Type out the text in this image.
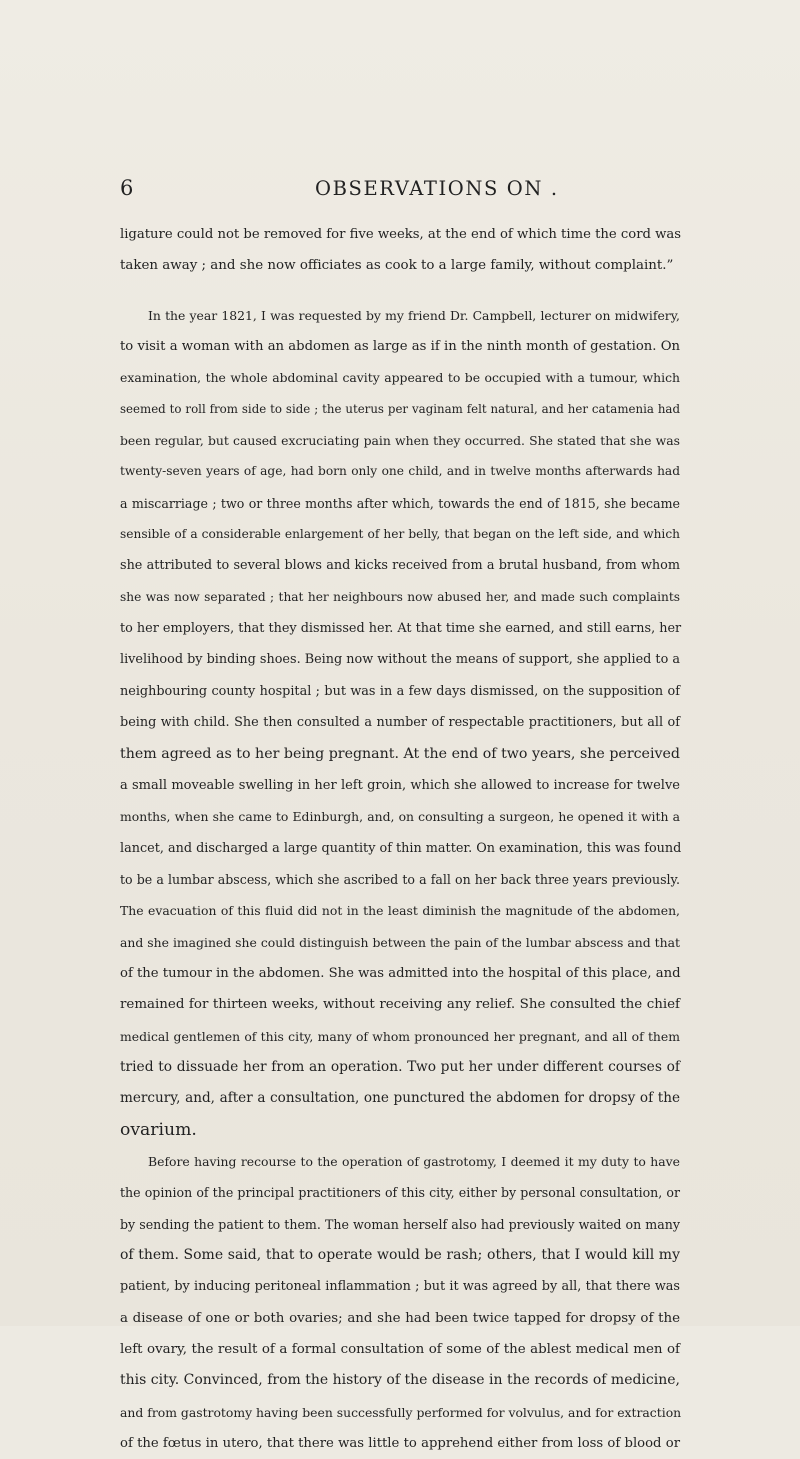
6	OBSERVATIONS ON .
ligature could not be removed for five weeks, at the end of which time the cord was
taken away ; and she now officiates as cook to a large family, without complaint.”
In the year 1821, I was requested by my friend Dr. Campbell, lecturer on midwifery,
to visit a woman with an abdomen as large as if in the ninth month of gestation. On
examination, the whole abdominal cavity appeared to be occupied with a tumour, which
seemed to roll from side to side ; the uterus per vaginam felt natural, and her catamenia had
been regular, but caused excruciating pain when they occurred. She stated that she was
twenty-seven years of age, had born only one child, and in twelve months afterwards had
a miscarriage ; two or three months after which, towards the end of 1815, she became
sensible of a considerable enlargement of her belly, that began on the left side, and which
she attributed to several blows and kicks received from a brutal husband, from whom
she was now separated ; that her neighbours now abused her, and made such complaints
to her employers, that they dismissed her. At that time she earned, and still earns, her
livelihood by binding shoes. Being now without the means of support, she applied to a
neighbouring county hospital ; but was in a few days dismissed, on the supposition of
being with child. She then consulted a number of respectable practitioners, but all of
them agreed as to her being pregnant. At the end of two years, she perceived
a small moveable swelling in her left groin, which she allowed to increase for twelve
months, when she came to Edinburgh, and, on consulting a surgeon, he opened it with a
lancet, and discharged a large quantity of thin matter. On examination, this was found
to be a lumbar abscess, which she ascribed to a fall on her back three years previously.
The evacuation of this fluid did not in the least diminish the magnitude of the abdomen,
and she imagined she could distinguish between the pain of the lumbar abscess and that
of the tumour in the abdomen. She was admitted into the hospital of this place, and
remained for thirteen weeks, without receiving any relief. She consulted the chief
medical gentlemen of this city, many of whom pronounced her pregnant, and all of them
tried to dissuade her from an operation. Two put her under different courses of
mercury, and, after a consultation, one punctured the abdomen for dropsy of the
ovarium.
Before having recourse to the operation of gastrotomy, I deemed it my duty to have
the opinion of the principal practitioners of this city, either by personal consultation, or
by sending the patient to them. The woman herself also had previously waited on many
of them. Some said, that to operate would be rash; others, that I would kill my
patient, by inducing peritoneal inflammation ; but it was agreed by all, that there was
a disease of one or both ovaries; and she had been twice tapped for dropsy of the
left ovary, the result of a formal consultation of some of the ablest medical men of
this city. Convinced, from the history of the disease in the records of medicine,
and from gastrotomy having been successfully performed for volvulus, and for extraction
of the fœtus in utero, that there was little to apprehend either from loss of blood or
